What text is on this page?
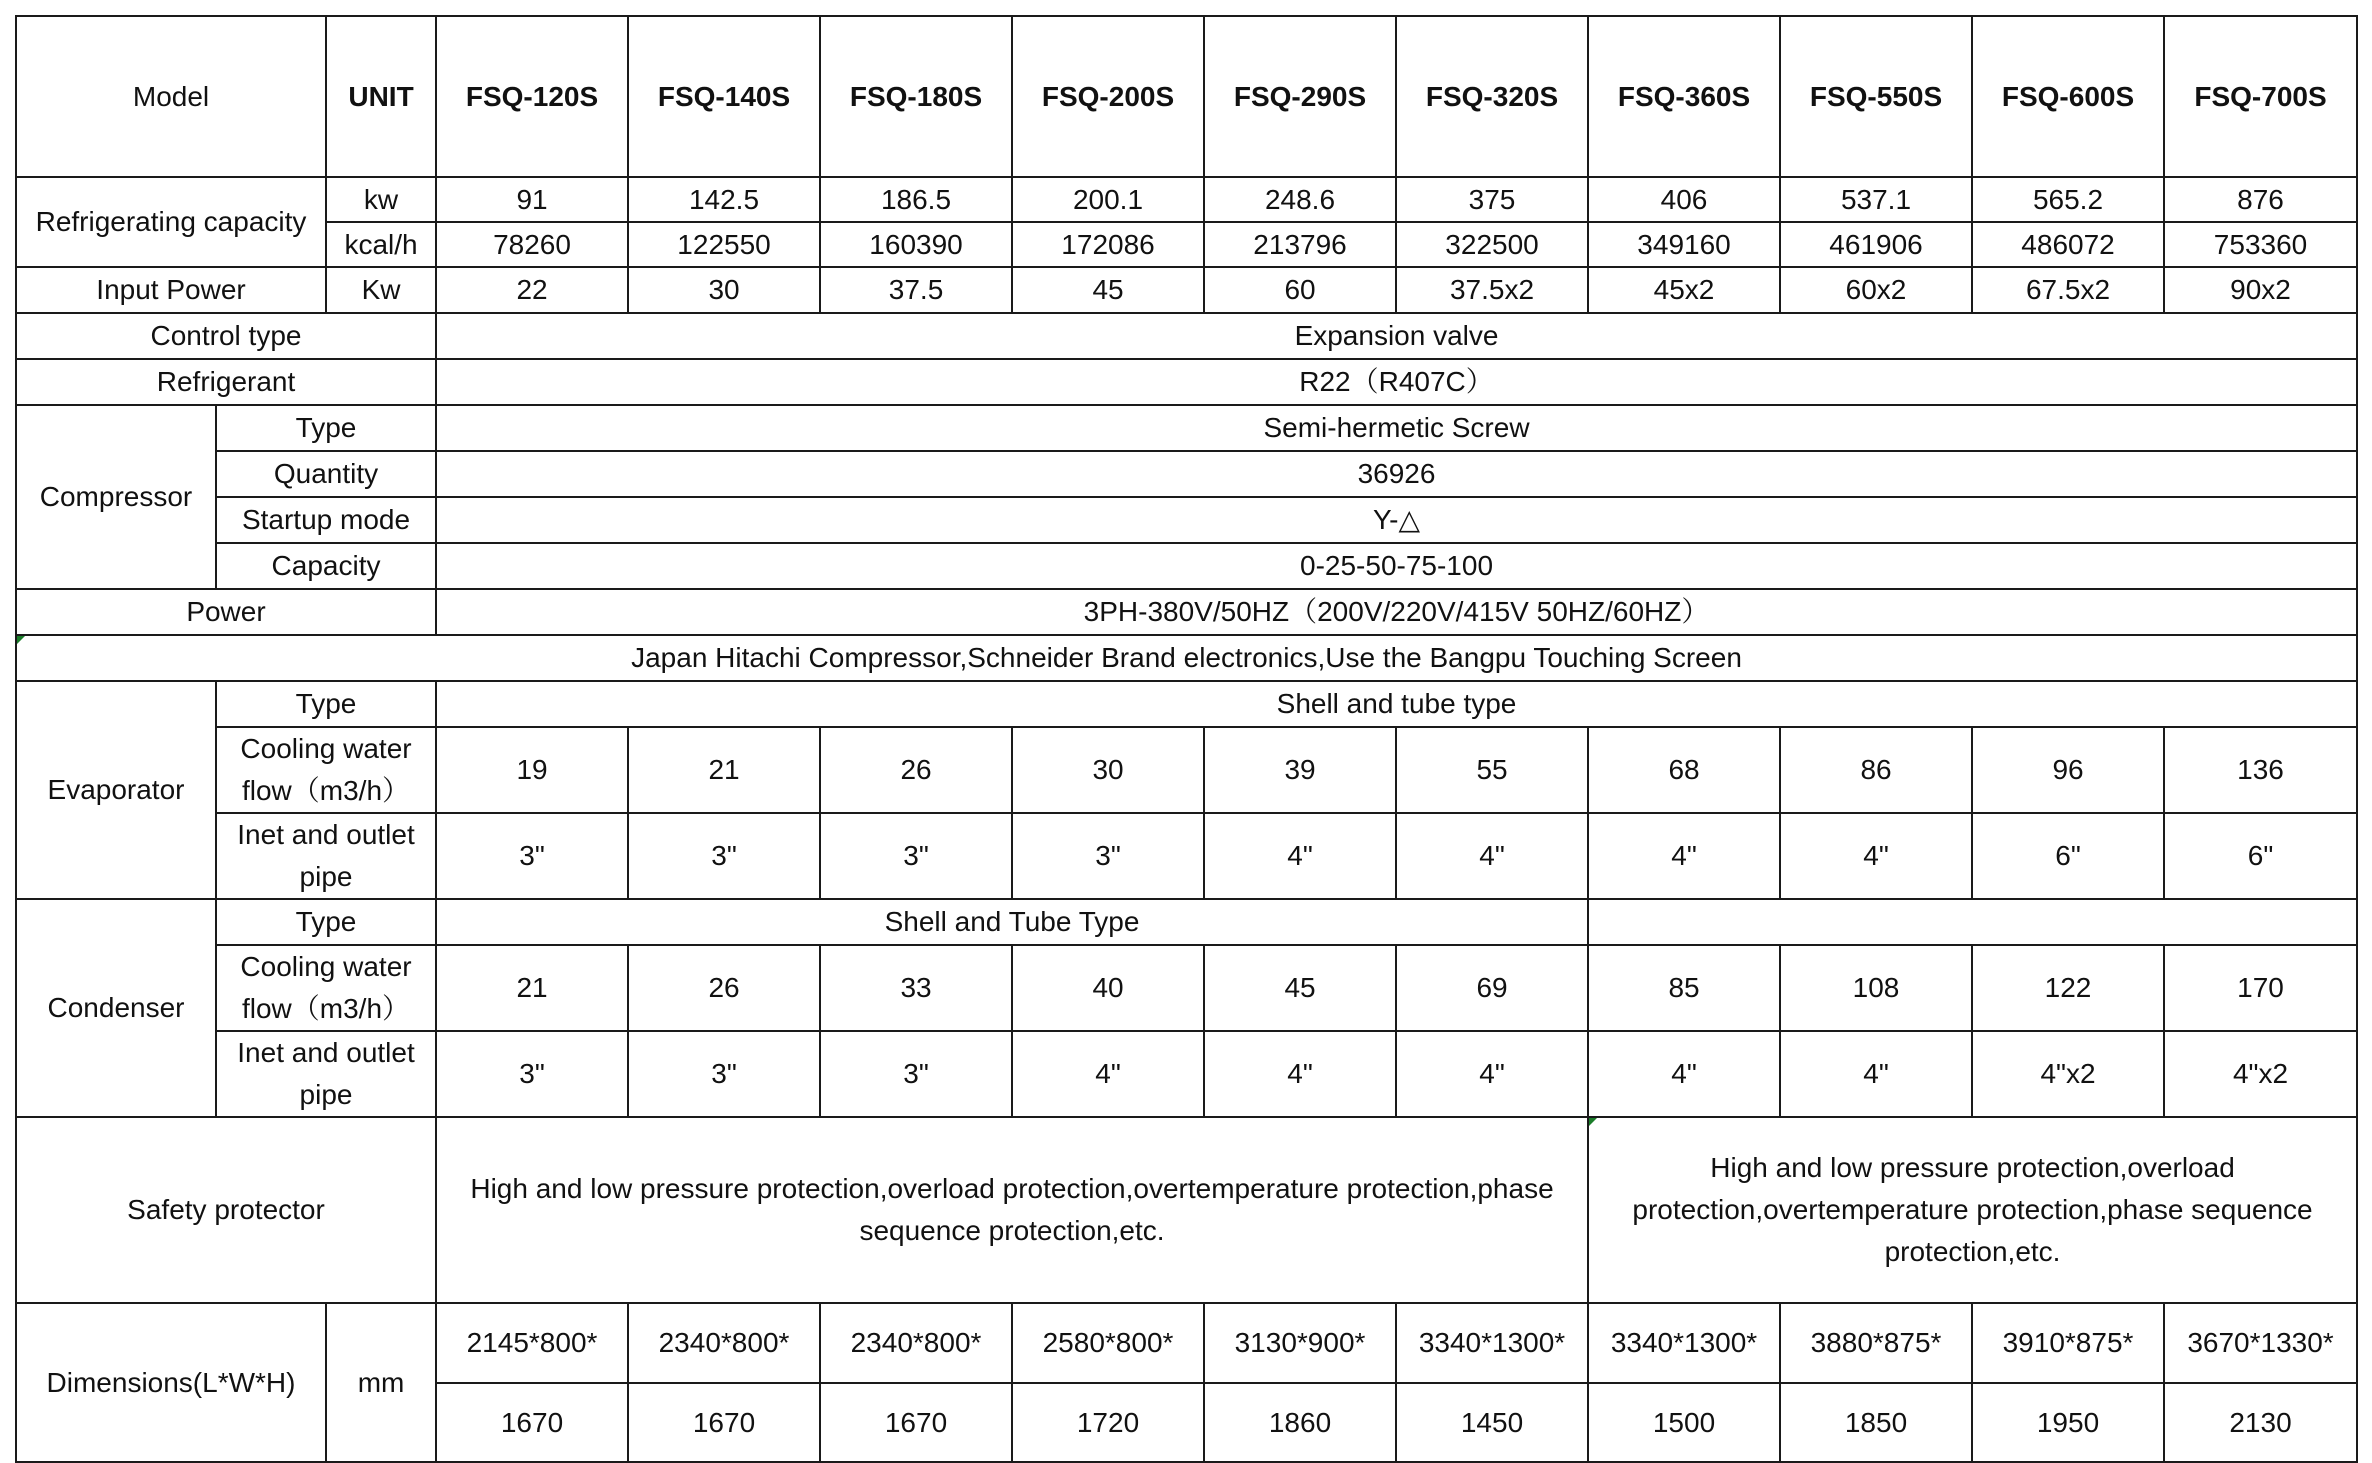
Model		UNIT	FSQ-120S	FSQ-140S	FSQ-180S	FSQ-200S	FSQ-290S	FSQ-320S	FSQ-360S	FSQ-550S	FSQ-600S	FSQ-700S
Refrigerating capacity		kw	91	142.5	186.5	200.1	248.6	375	406	537.1	565.2	876
		kcal/h	78260	122550	160390	172086	213796	322500	349160	461906	486072	753360
Input Power		Kw	22	30	37.5	45	60	37.5x2	45x2	60x2	67.5x2	90x2
Control type			Expansion valve									
Refrigerant			R22（R407C）									
Compressor	Type		Semi-hermetic Screw									
	Quantity		36926									
	Startup mode		Y-△									
	Capacity		0-25-50-75-100									
Power			3PH-380V/50HZ（200V/220V/415V 50HZ/60HZ）									
Japan Hitachi Compressor,Schneider Brand electronics,Use the Bangpu Touching Screen												
Evaporator	Type		Shell and tube type									
	Cooling water flow（m3/h）		19	21	26	30	39	55	68	86	96	136
	Inet and outlet pipe		3"	3"	3"	3"	4"	4"	4"	4"	6"	6"
Condenser	Type		Shell and Tube Type									
	Cooling water flow（m3/h）		21	26	33	40	45	69	85	108	122	170
	Inet and outlet pipe		3"	3"	3"	4"	4"	4"	4"	4"	4"x2	4"x2
Safety protector			High and low pressure protection,overload protection,overtemperature protection,phase sequence protection,etc.						High and low pressure protection,overload protection,overtemperature protection,phase sequence protection,etc.			
Dimensions(L*W*H)		mm	2145*800*	2340*800*	2340*800*	2580*800*	3130*900*	3340*1300*	3340*1300*	3880*875*	3910*875*	3670*1330*
			1670	1670	1670	1720	1860	1450	1500	1850	1950	2130
